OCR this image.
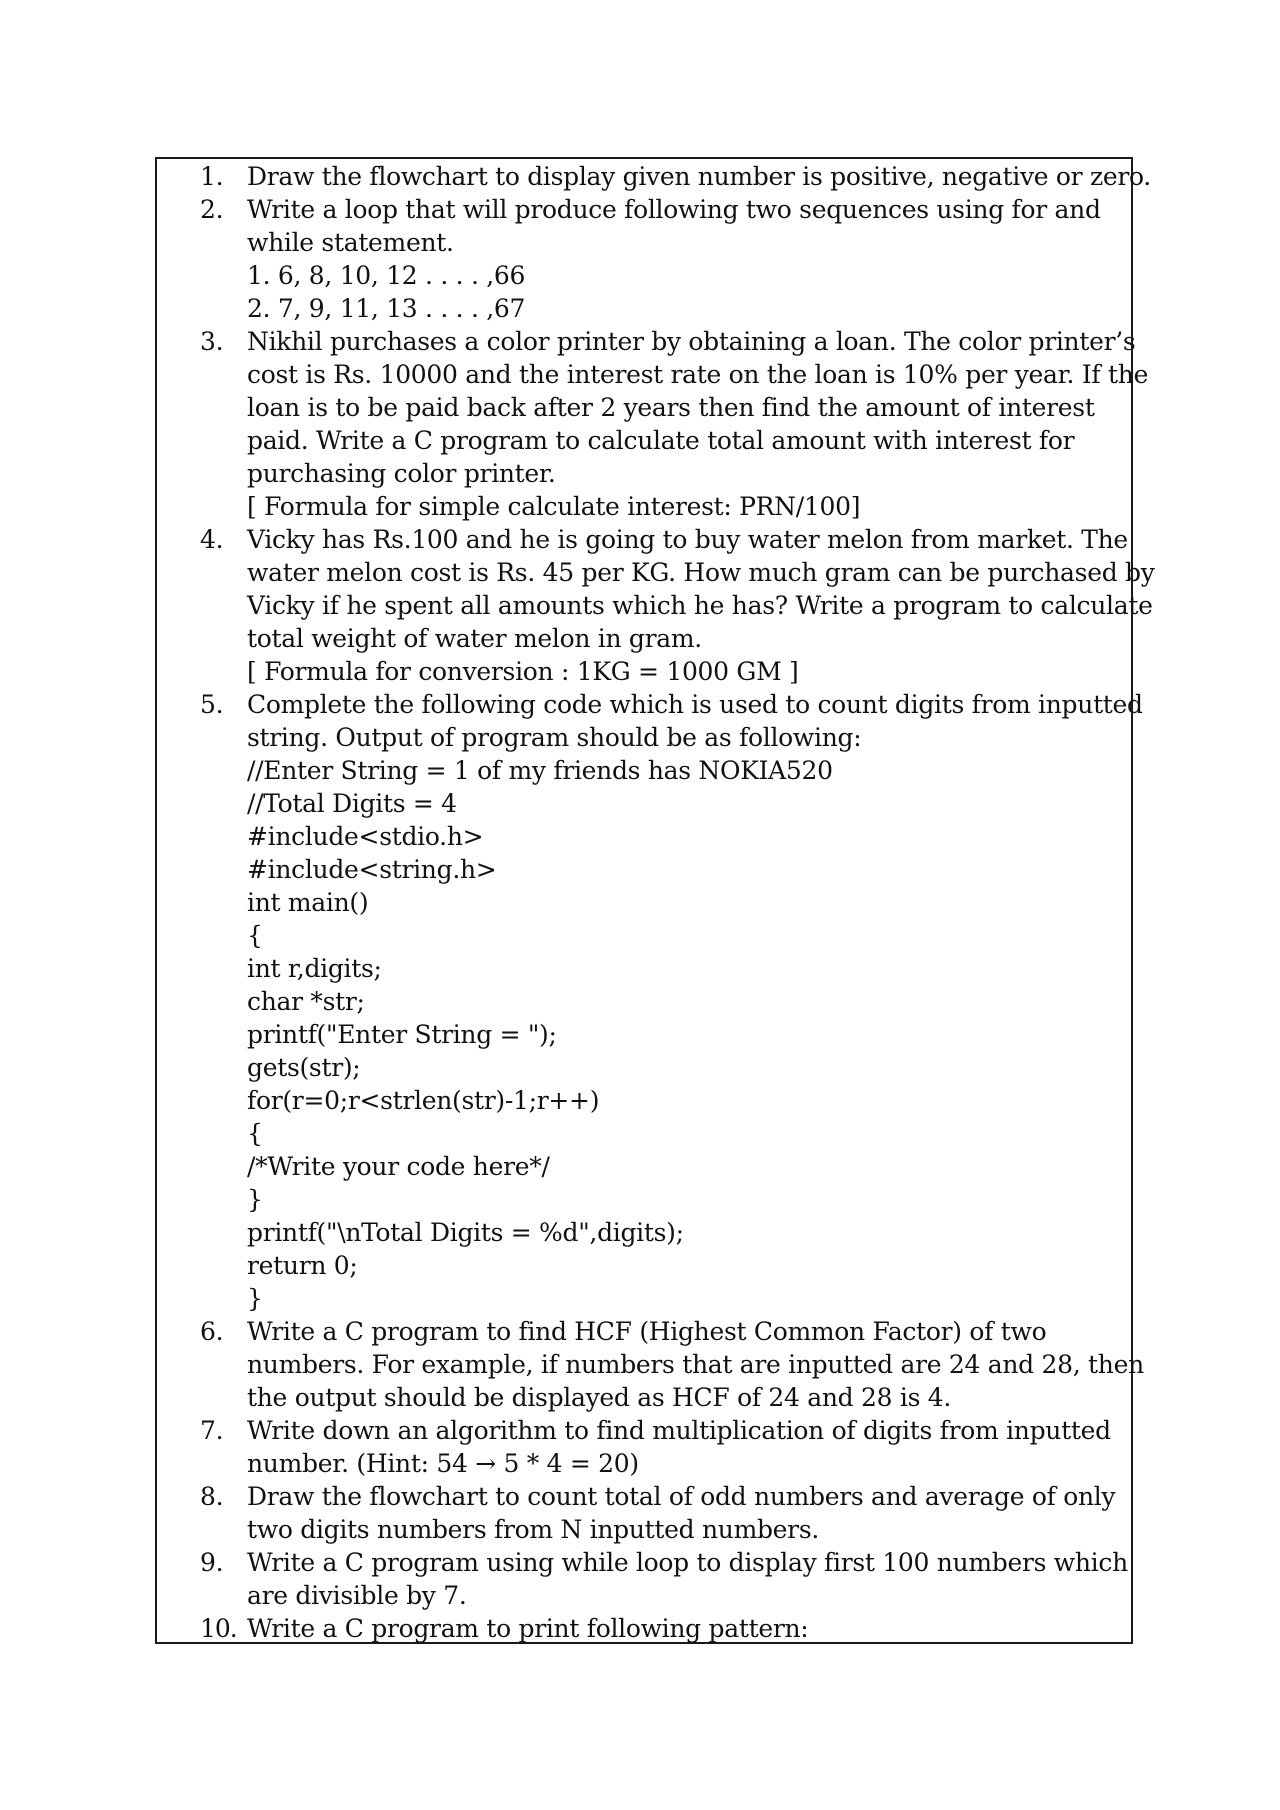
1. Draw the flowchart to display given number is positive, negative or zero.
2. Write a loop that will produce following two sequences using for and
while statement.
1. 6, 8, 10, 12 . . . . ,66
2. 7, 9, 11, 13 . . . . ,67
3. Nikhil purchases a color printer by obtaining a loan. The color printer’s
cost is Rs. 10000 and the interest rate on the loan is 10% per year. If the
loan is to be paid back after 2 years then find the amount of interest
paid. Write a C program to calculate total amount with interest for
purchasing color printer.
[ Formula for simple calculate interest: PRN/100]
4. Vicky has Rs.100 and he is going to buy water melon from market. The
water melon cost is Rs. 45 per KG. How much gram can be purchased by
Vicky if he spent all amounts which he has? Write a program to calculate
total weight of water melon in gram.
[ Formula for conversion : 1KG = 1000 GM ]
5. Complete the following code which is used to count digits from inputted
string. Output of program should be as following:
//Enter String = 1 of my friends has NOKIA520
//Total Digits = 4
#include<stdio.h>
#include<string.h>
int main()
{
int r,digits;
char *str;
printf("Enter String = ");
gets(str);
for(r=0;r<strlen(str)-1;r++)
{
/*Write your code here*/
}
printf("\nTotal Digits = %d",digits);
return 0;
}
6. Write a C program to find HCF (Highest Common Factor) of two
numbers. For example, if numbers that are inputted are 24 and 28, then
the output should be displayed as HCF of 24 and 28 is 4.
7. Write down an algorithm to find multiplication of digits from inputted
number. (Hint: 54 → 5 * 4 = 20)
8. Draw the flowchart to count total of odd numbers and average of only
two digits numbers from N inputted numbers.
9. Write a C program using while loop to display first 100 numbers which
are divisible by 7.
10. Write a C program to print following pattern:
